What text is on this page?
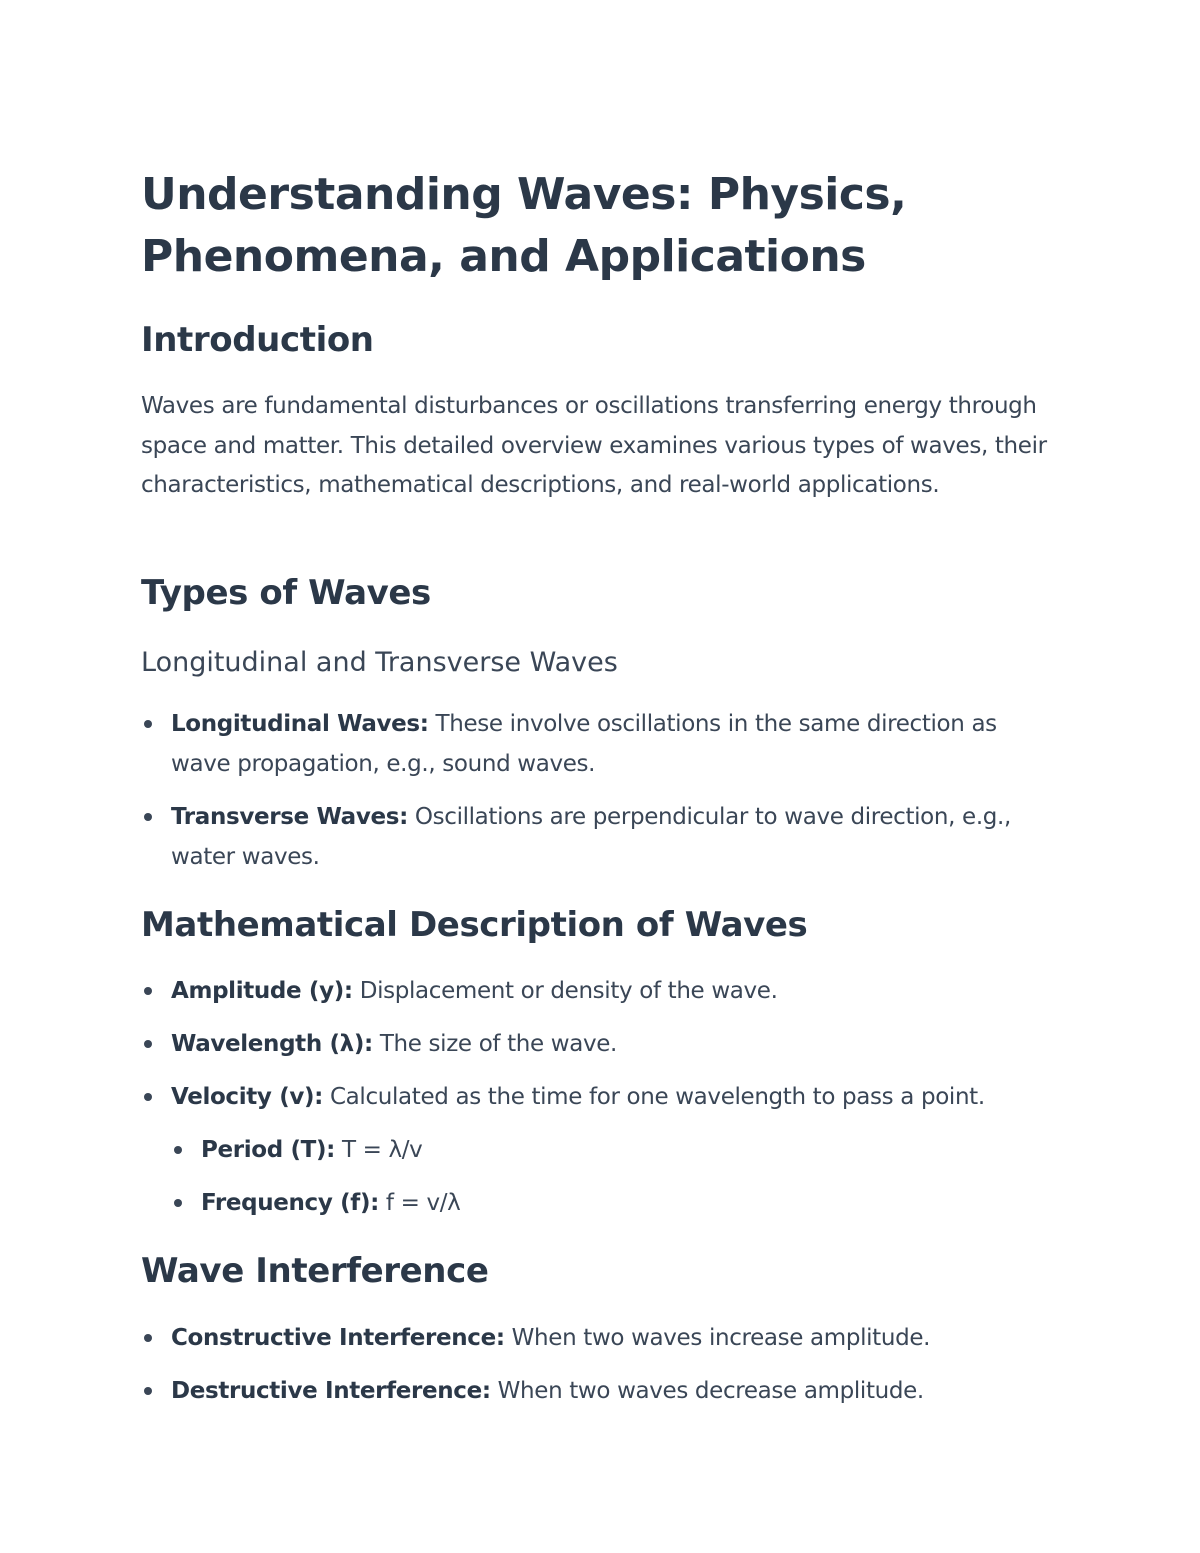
Understanding Waves: Physics, Phenomena, and Applications
Introduction

Waves are fundamental disturbances or oscillations transferring energy through space and matter. This detailed overview examines various types of waves, their characteristics, mathematical descriptions, and real-world applications.

Types of Waves
Longitudinal and Transverse Waves
Longitudinal Waves: These involve oscillations in the same direction as wave propagation, e.g., sound waves.
Transverse Waves: Oscillations are perpendicular to wave direction, e.g., water waves.
Mathematical Description of Waves
Amplitude (y): Displacement or density of the wave.
Wavelength (λ): The size of the wave.
Velocity (v): Calculated as the time for one wavelength to pass a point.
Period (T): T = λ/v
Frequency (f): f = v/λ
Wave Interference
Constructive Interference: When two waves increase amplitude.
Destructive Interference: When two waves decrease amplitude.
